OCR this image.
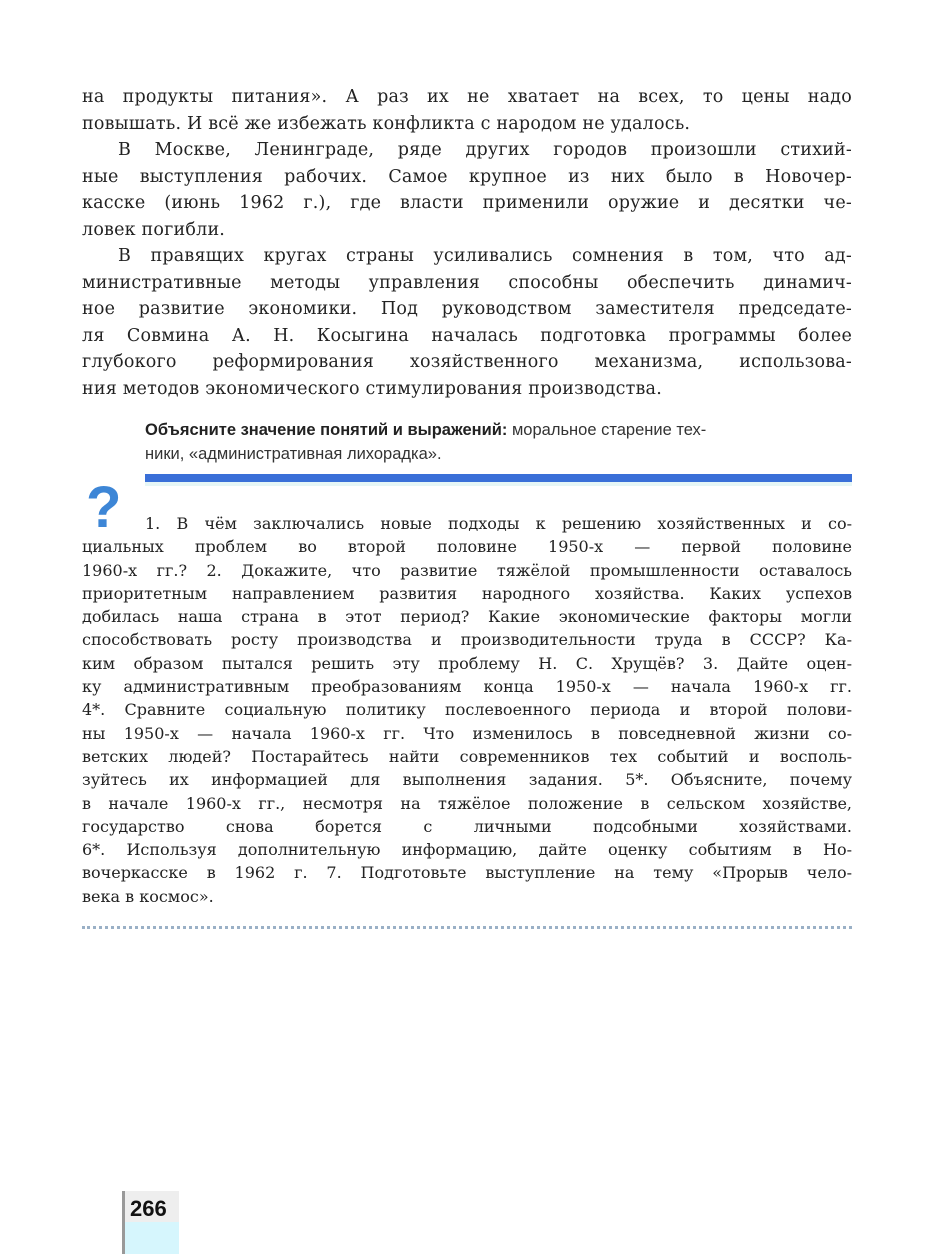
на продукты питания». А раз их не хватает на всех, то цены надо
повышать. И всё же избежать конфликта с народом не удалось.
В Москве, Ленинграде, ряде других городов произошли стихий-
ные выступления рабочих. Самое крупное из них было в Новочер-
касске (июнь 1962 г.), где власти применили оружие и десятки че-
ловек погибли.
В правящих кругах страны усиливались сомнения в том, что ад-
министративные методы управления способны обеспечить динамич-
ное развитие экономики. Под руководством заместителя председате-
ля Совмина А. Н. Косыгина началась подготовка программы более
глубокого реформирования хозяйственного механизма, использова-
ния методов экономического стимулирования производства.
Объясните значение понятий и выражений: моральное старение тех-
ники, «административная лихорадка».
?	1. В чём заключались новые подходы к решению хозяйственных и со-
циальных проблем во второй половине 1950-х — первой половине
1960-х гг.? 2. Докажите, что развитие тяжёлой промышленности оставалось
приоритетным направлением развития народного хозяйства. Каких успехов
добилась наша страна в этот период? Какие экономические факторы могли
способствовать росту производства и производительности труда в СССР? Ка-
ким образом пытался решить эту проблему Н. С. Хрущёв? 3. Дайте оцен-
ку административным преобразованиям конца 1950-х — начала 1960-х гг.
4*. Сравните социальную политику послевоенного периода и второй полови-
ны 1950-х — начала 1960-х гг. Что изменилось в повседневной жизни со-
ветских людей? Постарайтесь найти современников тех событий и восполь-
зуйтесь их информацией для выполнения задания. 5*. Объясните, почему
в начале 1960-х гг., несмотря на тяжёлое положение в сельском хозяйстве,
государство снова борется с личными подсобными хозяйствами.
6*. Используя дополнительную информацию, дайте оценку событиям в Но-
вочеркасске в 1962 г. 7. Подготовьте выступление на тему «Прорыв чело-
века в космос».
266
